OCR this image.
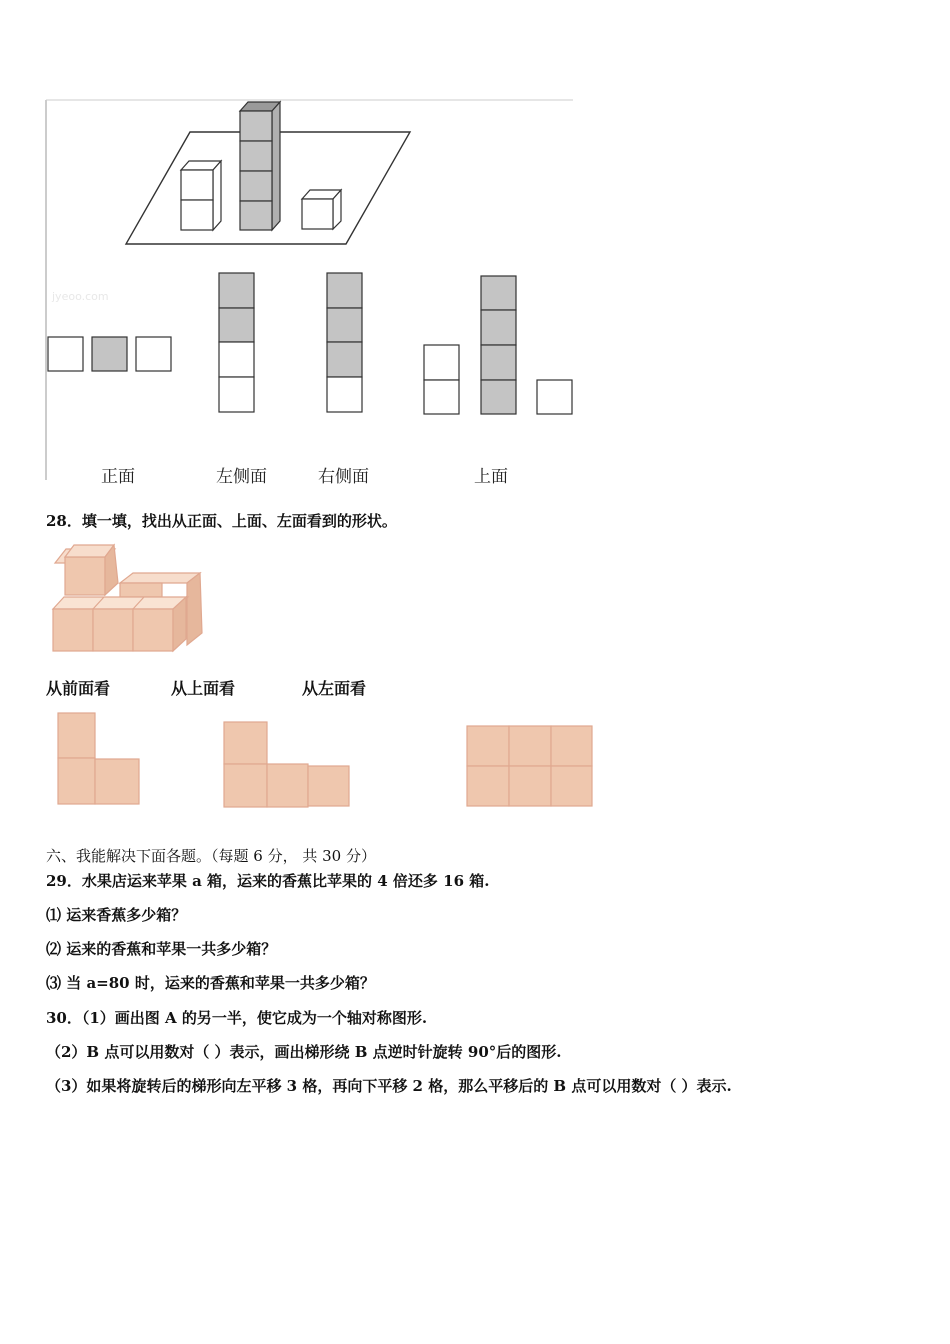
jyeoo.com
正面	左侧面	右侧面	上面
28．填一填，找出从正面、上面、左面看到的形状。
从前面看	从上面看	从左面看
六、我能解决下面各题。（每题 6 分， 共 30 分）
29．水果店运来苹果 a 箱，运来的香蕉比苹果的 4 倍还多 16 箱.
⑴ 运来香蕉多少箱？
⑵ 运来的香蕉和苹果一共多少箱？
⑶ 当 a=80 时，运来的香蕉和苹果一共多少箱？
30．（1）画出图 A 的另一半，使它成为一个轴对称图形.
（2）B 点可以用数对（ ）表示，画出梯形绕 B 点逆时针旋转 90°后的图形.
（3）如果将旋转后的梯形向左平移 3 格，再向下平移 2 格，那么平移后的 B 点可以用数对（ ）表示.
